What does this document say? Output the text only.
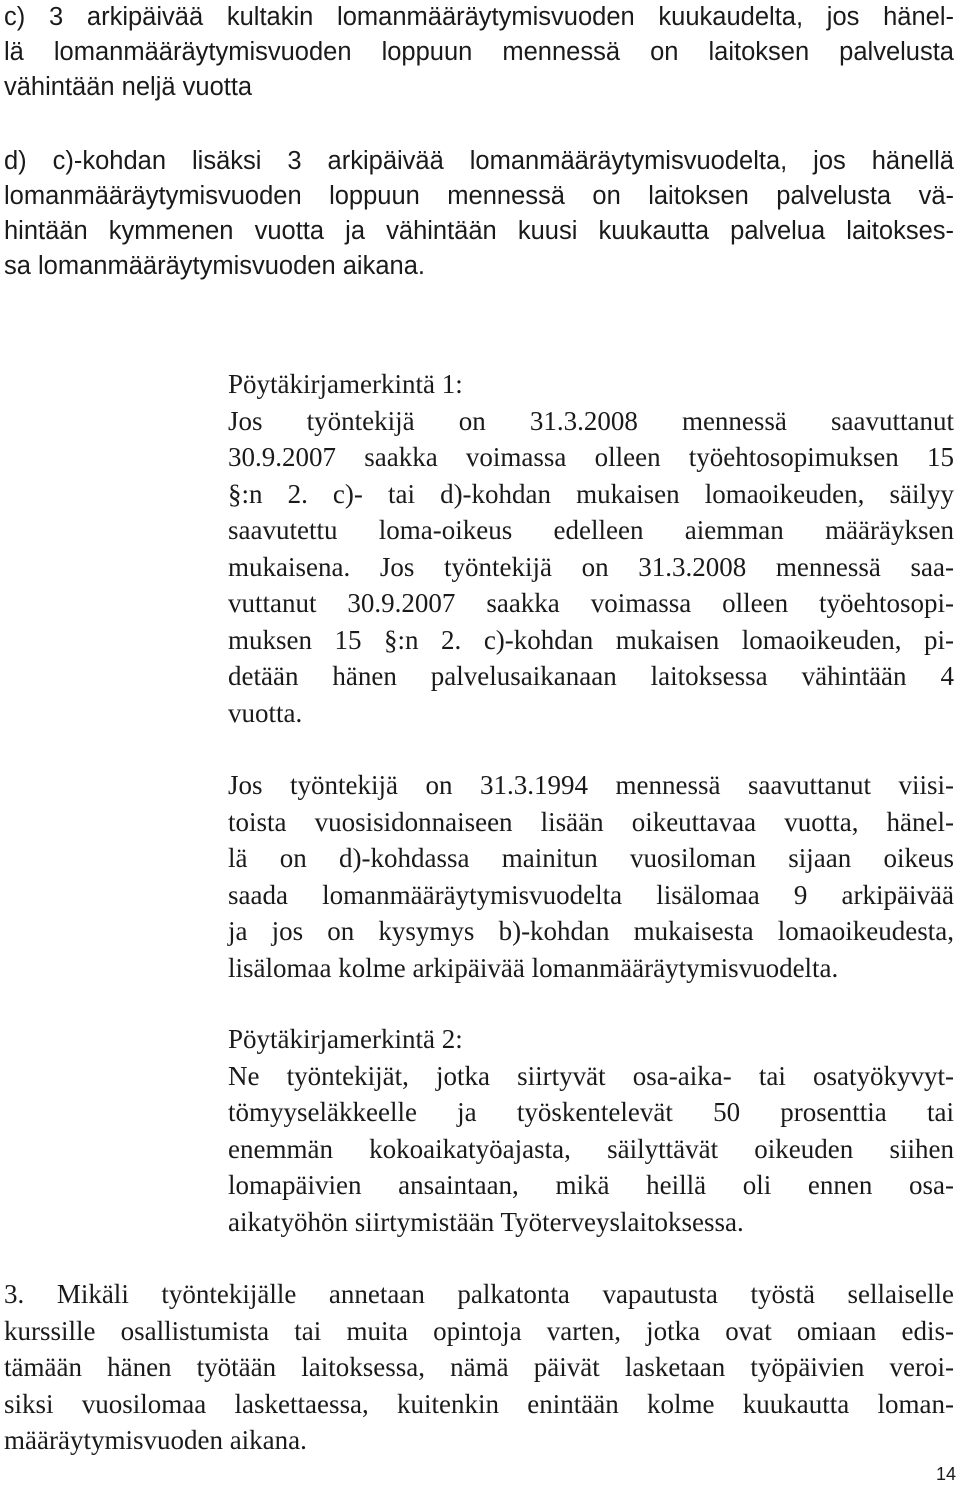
c) 3 arkipäivää kultakin lomanmääräytymisvuoden kuukaudelta, jos hänel-
lä lomanmääräytymisvuoden loppuun mennessä on laitoksen palvelusta
vähintään neljä vuotta
d) c)-kohdan lisäksi 3 arkipäivää lomanmääräytymisvuodelta, jos hänellä
lomanmääräytymisvuoden loppuun mennessä on laitoksen palvelusta vä-
hintään kymmenen vuotta ja vähintään kuusi kuukautta palvelua laitokses-
sa lomanmääräytymisvuoden aikana.
Pöytäkirjamerkintä 1:
Jos työntekijä on 31.3.2008 mennessä saavuttanut
30.9.2007 saakka voimassa olleen työehtosopimuksen 15
§:n 2. c)- tai d)-kohdan mukaisen lomaoikeuden, säilyy
saavutettu loma-oikeus edelleen aiemman määräyksen
mukaisena. Jos työntekijä on 31.3.2008 mennessä saa-
vuttanut 30.9.2007 saakka voimassa olleen työehtosopi-
muksen 15 §:n 2. c)-kohdan mukaisen lomaoikeuden, pi-
detään hänen palvelusaikanaan laitoksessa vähintään 4
vuotta.
Jos työntekijä on 31.3.1994 mennessä saavuttanut viisi-
toista vuosisidonnaiseen lisään oikeuttavaa vuotta, hänel-
lä on d)-kohdassa mainitun vuosiloman sijaan oikeus
saada lomanmääräytymisvuodelta lisälomaa 9 arkipäivää
ja jos on kysymys b)-kohdan mukaisesta lomaoikeudesta,
lisälomaa kolme arkipäivää lomanmääräytymisvuodelta.
Pöytäkirjamerkintä 2:
Ne työntekijät, jotka siirtyvät osa-aika- tai osatyökyvyt-
tömyyseläkkeelle ja työskentelevät 50 prosenttia tai
enemmän kokoaikatyöajasta, säilyttävät oikeuden siihen
lomapäivien ansaintaan, mikä heillä oli ennen osa-
aikatyöhön siirtymistään Työterveyslaitoksessa.
3. Mikäli työntekijälle annetaan palkatonta vapautusta työstä sellaiselle
kurssille osallistumista tai muita opintoja varten, jotka ovat omiaan edis-
tämään hänen työtään laitoksessa, nämä päivät lasketaan työpäivien veroi-
siksi vuosilomaa laskettaessa, kuitenkin enintään kolme kuukautta loman-
määräytymisvuoden aikana.
14
